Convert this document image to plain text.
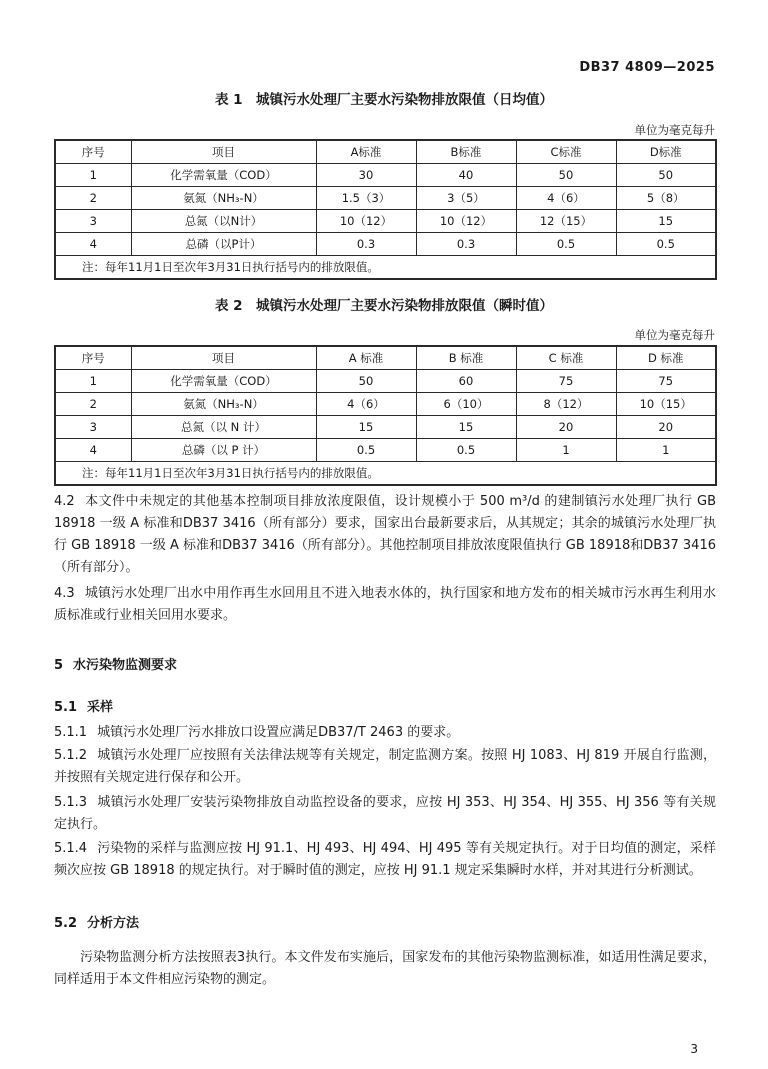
DB37 4809—2025
表 1　城镇污水处理厂主要水污染物排放限值（日均值）
单位为毫克每升
序号	项目	A标准	B标准	C标准	D标准
1	化学需氧量（COD）	30	40	50	50
2	氨氮（NH₃-N）	1.5（3）	3（5）	4（6）	5（8）
3	总氮（以N计）	10（12）	10（12）	12（15）	15
4	总磷（以P计）	0.3	0.3	0.5	0.5
注：每年11月1日至次年3月31日执行括号内的排放限值。					
表 2　城镇污水处理厂主要水污染物排放限值（瞬时值）
单位为毫克每升
序号	项目	A 标准	B 标准	C 标准	D 标准
1	化学需氧量（COD）	50	60	75	75
2	氨氮（NH₃-N）	4（6）	6（10）	8（12）	10（15）
3	总氮（以 N 计）	15	15	20	20
4	总磷（以 P 计）	0.5	0.5	1	1
注：每年11月1日至次年3月31日执行括号内的排放限值。					
4.2 本文件中未规定的其他基本控制项目排放浓度限值，设计规模小于 500 m³/d 的建制镇污水处理厂执行 GB 18918 一级 A 标准和DB37 3416（所有部分）要求，国家出台最新要求后，从其规定；其余的城镇污水处理厂执行 GB 18918 一级 A 标准和DB37 3416（所有部分）。其他控制项目排放浓度限值执行 GB 18918和DB37 3416（所有部分）。
4.3 城镇污水处理厂出水中用作再生水回用且不进入地表水体的，执行国家和地方发布的相关城市污水再生利用水质标准或行业相关回用水要求。
5 水污染物监测要求
5.1 采样
5.1.1 城镇污水处理厂污水排放口设置应满足DB37/T 2463 的要求。
5.1.2 城镇污水处理厂应按照有关法律法规等有关规定，制定监测方案。按照 HJ 1083、HJ 819 开展自行监测，并按照有关规定进行保存和公开。
5.1.3 城镇污水处理厂安装污染物排放自动监控设备的要求，应按 HJ 353、HJ 354、HJ 355、HJ 356 等有关规定执行。
5.1.4 污染物的采样与监测应按 HJ 91.1、HJ 493、HJ 494、HJ 495 等有关规定执行。对于日均值的测定，采样频次应按 GB 18918 的规定执行。对于瞬时值的测定，应按 HJ 91.1 规定采集瞬时水样，并对其进行分析测试。
5.2 分析方法
污染物监测分析方法按照表3执行。本文件发布实施后，国家发布的其他污染物监测标准，如适用性满足要求，同样适用于本文件相应污染物的测定。
3
